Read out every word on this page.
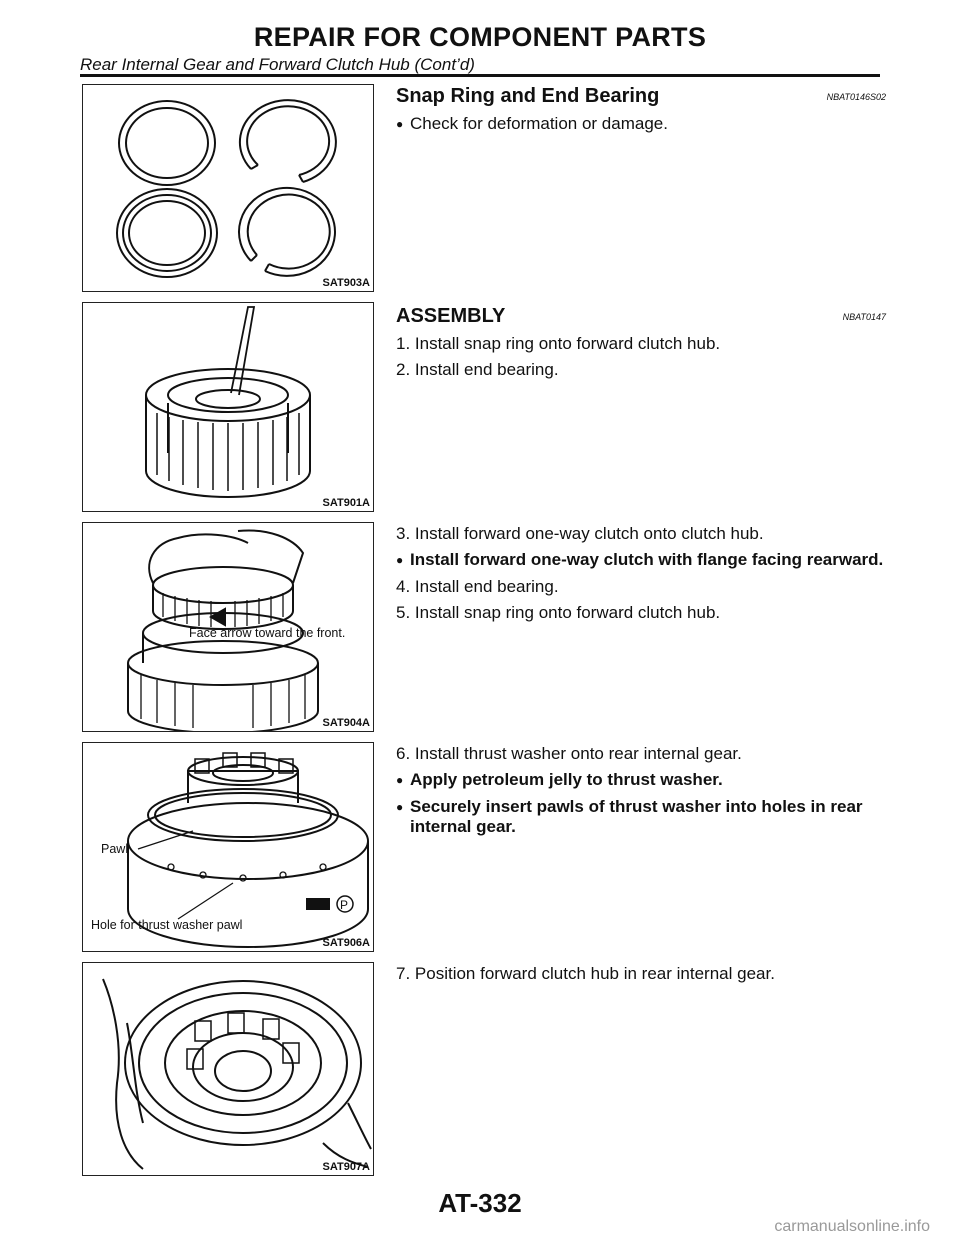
REPAIR FOR COMPONENT PARTS
Rear Internal Gear and Forward Clutch Hub (Cont’d)
SAT903A
SAT901A
Face arrow toward the front.
SAT904A
P
Pawl
Hole for thrust washer pawl
SAT906A
SAT907A
Snap Ring and End Bearing	NBAT0146S02
● Check for deformation or damage.
ASSEMBLY	NBAT0147
1. Install snap ring onto forward clutch hub.
2. Install end bearing.
3. Install forward one-way clutch onto clutch hub.
● Install forward one-way clutch with flange facing rearward.
4. Install end bearing.
5. Install snap ring onto forward clutch hub.
6. Install thrust washer onto rear internal gear.
● Apply petroleum jelly to thrust washer.
● Securely insert pawls of thrust washer into holes in rear internal gear.
7. Position forward clutch hub in rear internal gear.
AT-332
carmanualsonline.info
